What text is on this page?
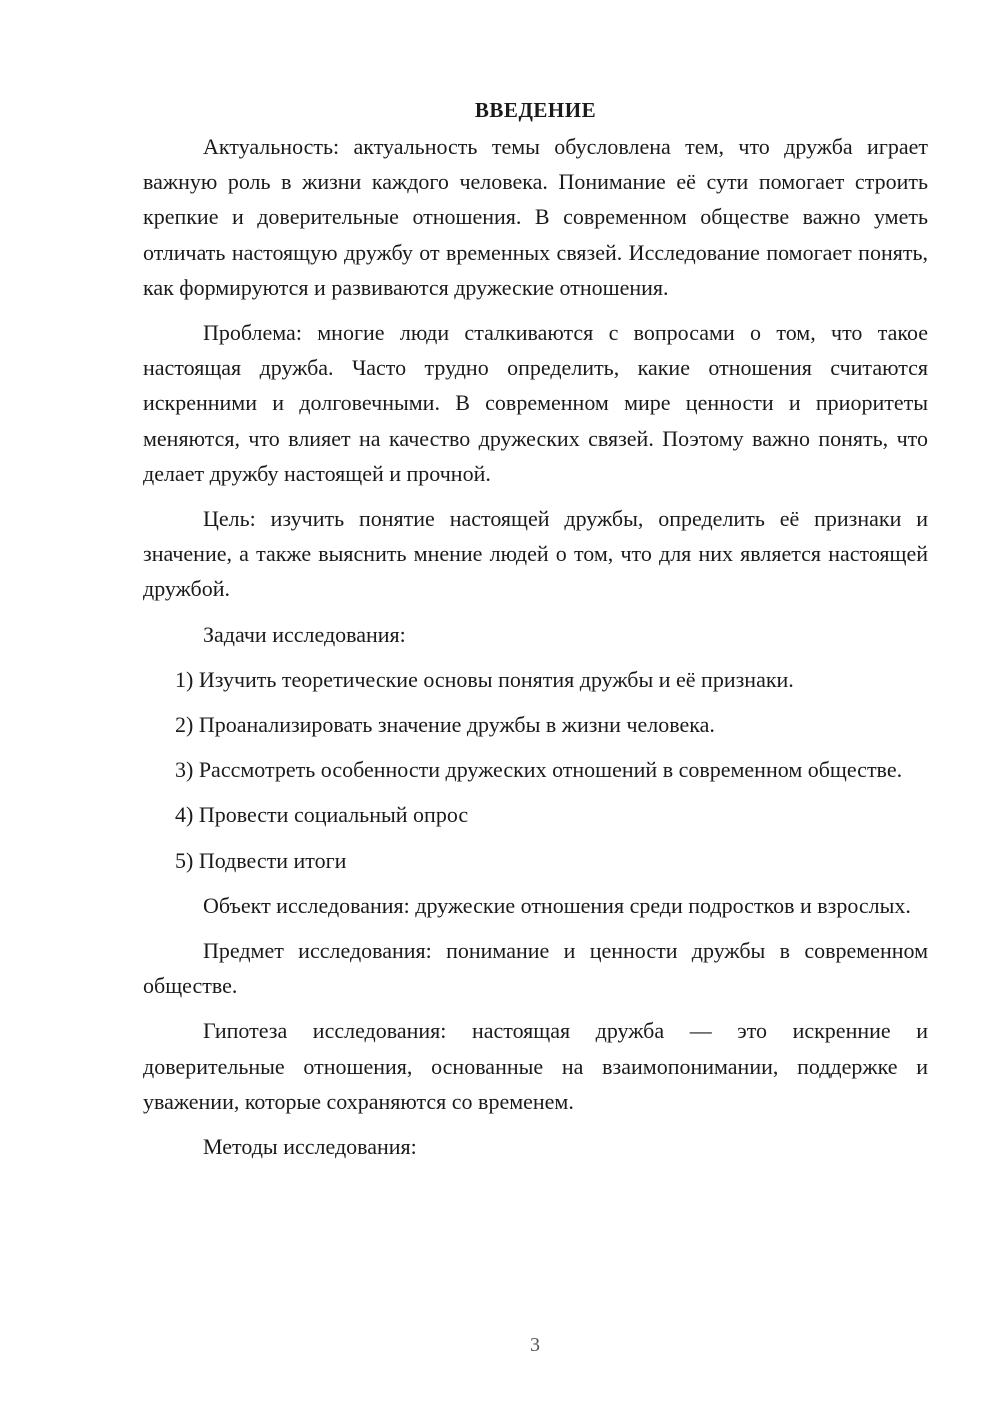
ВВЕДЕНИЕ

Актуальность: актуальность темы обусловлена тем, что дружба играет важную роль в жизни каждого человека. Понимание её сути помогает строить крепкие и доверительные отношения. В современном обществе важно уметь отличать настоящую дружбу от временных связей. Исследование помогает понять, как формируются и развиваются дружеские отношения.

Проблема: многие люди сталкиваются с вопросами о том, что такое настоящая дружба. Часто трудно определить, какие отношения считаются искренними и долговечными. В современном мире ценности и приоритеты меняются, что влияет на качество дружеских связей. Поэтому важно понять, что делает дружбу настоящей и прочной.

Цель: изучить понятие настоящей дружбы, определить её признаки и значение, а также выяснить мнение людей о том, что для них является настоящей дружбой.

Задачи исследования:

1) Изучить теоретические основы понятия дружбы и её признаки.

2) Проанализировать значение дружбы в жизни человека.

3) Рассмотреть особенности дружеских отношений в современном обществе.

4) Провести социальный опрос

5) Подвести итоги

Объект исследования: дружеские отношения среди подростков и взрослых.

Предмет исследования: понимание и ценности дружбы в современном обществе.

Гипотеза исследования: настоящая дружба — это искренние и доверительные отношения, основанные на взаимопонимании, поддержке и уважении, которые сохраняются со временем.

Методы исследования:

3
